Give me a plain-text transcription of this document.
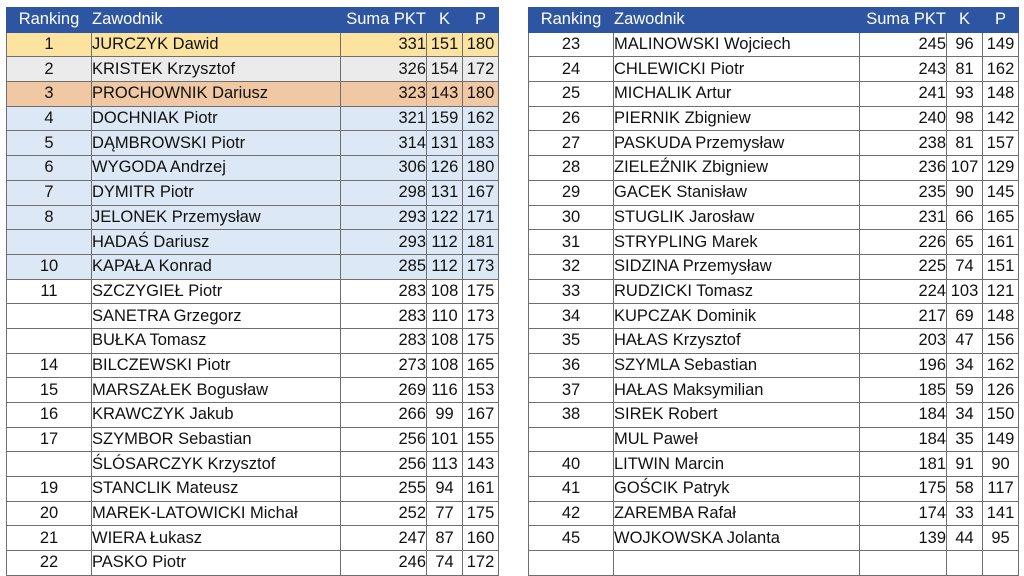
Ranking	Zawodnik	Suma PKT	K	P
1	JURCZYK Dawid	331	151	180
2	KRISTEK Krzysztof	326	154	172
3	PROCHOWNIK Dariusz	323	143	180
4	DOCHNIAK Piotr	321	159	162
5	DĄMBROWSKI Piotr	314	131	183
6	WYGODA Andrzej	306	126	180
7	DYMITR Piotr	298	131	167
8	JELONEK Przemysław	293	122	171
	HADAŚ Dariusz	293	112	181
10	KAPAŁA Konrad	285	112	173
11	SZCZYGIEŁ Piotr	283	108	175
	SANETRA Grzegorz	283	110	173
	BUŁKA Tomasz	283	108	175
14	BILCZEWSKI Piotr	273	108	165
15	MARSZAŁEK Bogusław	269	116	153
16	KRAWCZYK Jakub	266	99	167
17	SZYMBOR Sebastian	256	101	155
	ŚLÓSARCZYK Krzysztof	256	113	143
19	STANCLIK Mateusz	255	94	161
20	MAREK-LATOWICKI Michał	252	77	175
21	WIERA Łukasz	247	87	160
22	PASKO Piotr	246	74	172
Ranking	Zawodnik	Suma PKT	K	P
23	MALINOWSKI Wojciech	245	96	149
24	CHLEWICKI Piotr	243	81	162
25	MICHALIK Artur	241	93	148
26	PIERNIK Zbigniew	240	98	142
27	PASKUDA Przemysław	238	81	157
28	ZIELEŹNIK Zbigniew	236	107	129
29	GACEK Stanisław	235	90	145
30	STUGLIK Jarosław	231	66	165
31	STRYPLING Marek	226	65	161
32	SIDZINA Przemysław	225	74	151
33	RUDZICKI Tomasz	224	103	121
34	KUPCZAK Dominik	217	69	148
35	HAŁAS Krzysztof	203	47	156
36	SZYMLA Sebastian	196	34	162
37	HAŁAS Maksymilian	185	59	126
38	SIREK Robert	184	34	150
	MUL Paweł	184	35	149
40	LITWIN Marcin	181	91	90
41	GOŚCIK Patryk	175	58	117
42	ZAREMBA Rafał	174	33	141
45	WOJKOWSKA Jolanta	139	44	95
